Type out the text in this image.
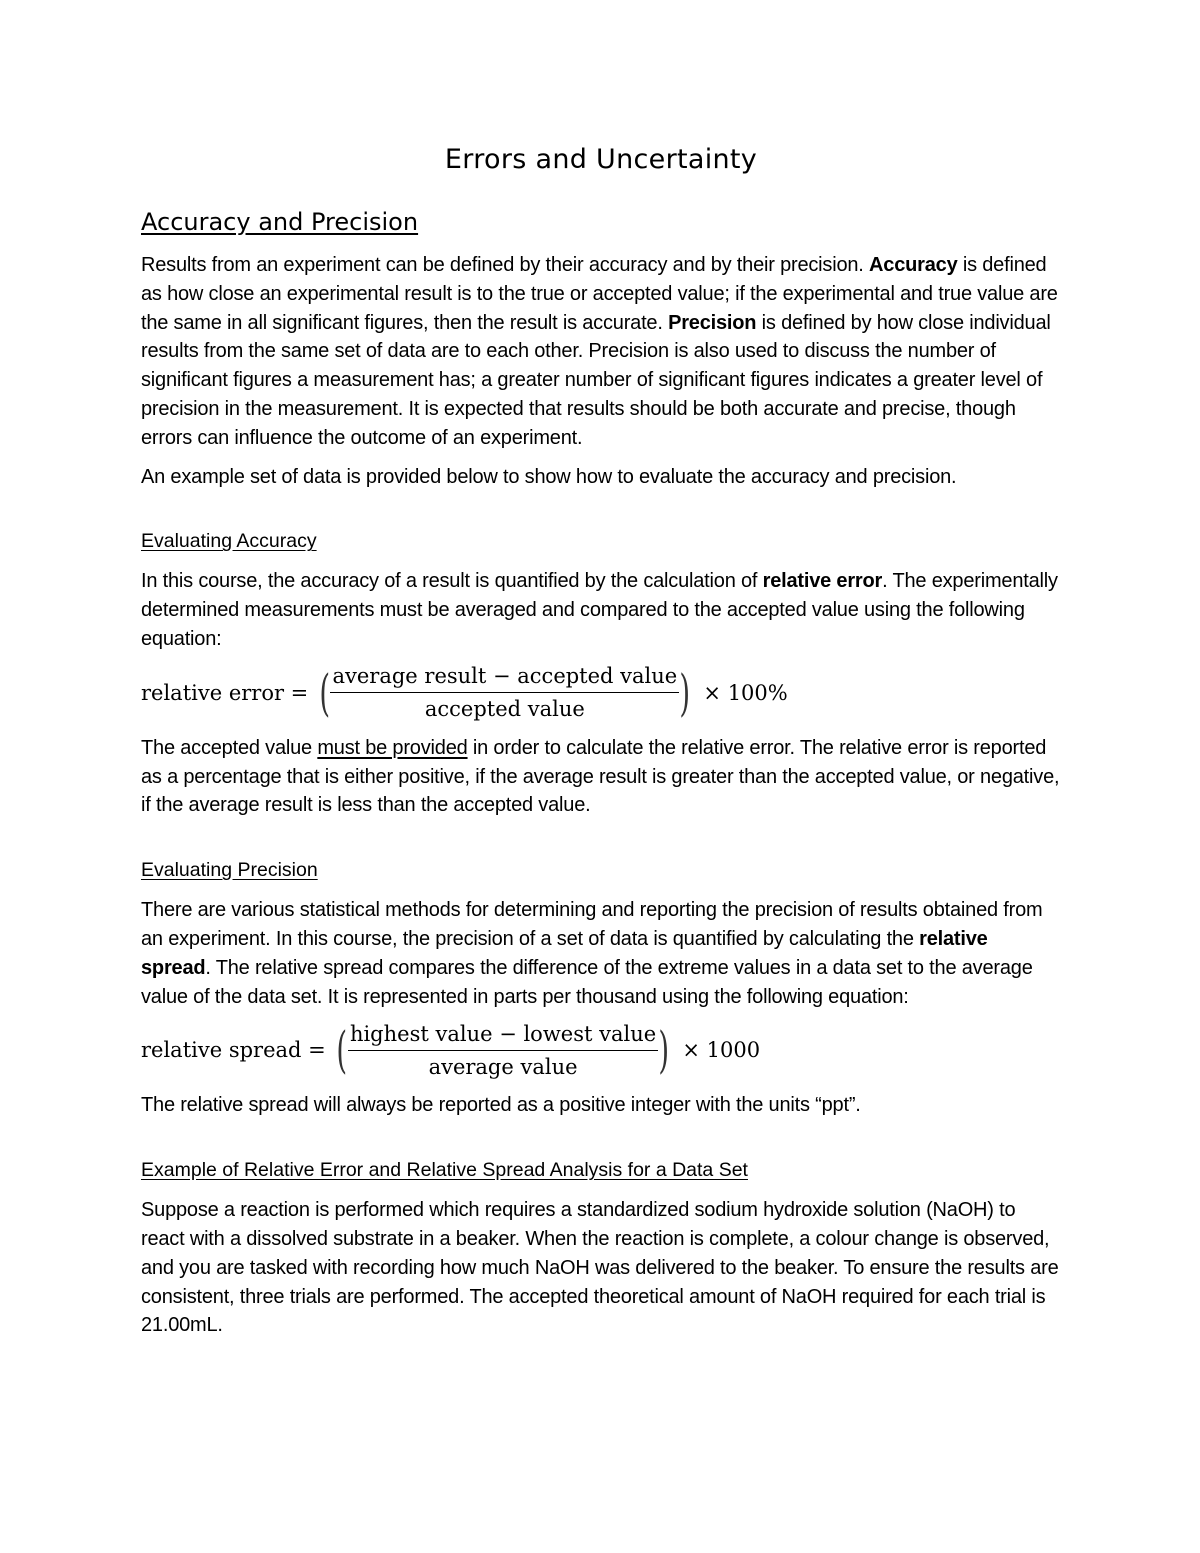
Errors and Uncertainty
Accuracy and Precision

Results from an experiment can be defined by their accuracy and by their precision. Accuracy is defined as how close an experimental result is to the true or accepted value; if the experimental and true value are the same in all significant figures, then the result is accurate. Precision is defined by how close individual results from the same set of data are to each other. Precision is also used to discuss the number of significant figures a measurement has; a greater number of significant figures indicates a greater level of precision in the measurement. It is expected that results should be both accurate and precise, though errors can influence the outcome of an experiment.

An example set of data is provided below to show how to evaluate the accuracy and precision.

Evaluating Accuracy

In this course, the accuracy of a result is quantified by the calculation of relative error. The experimentally determined measurements must be averaged and compared to the accepted value using the following equation:

relative error = ( $\frac{\text{average result − accepted value}}{\text{accepted value}}$ ) × 100%

The accepted value must be provided in order to calculate the relative error. The relative error is reported as a percentage that is either positive, if the average result is greater than the accepted value, or negative, if the average result is less than the accepted value.

Evaluating Precision

There are various statistical methods for determining and reporting the precision of results obtained from an experiment. In this course, the precision of a set of data is quantified by calculating the relative spread. The relative spread compares the difference of the extreme values in a data set to the average value of the data set. It is represented in parts per thousand using the following equation:

relative spread = ( $\frac{\text{highest value − lowest value}}{\text{average value}}$ ) × 1000

The relative spread will always be reported as a positive integer with the units “ppt”.

Example of Relative Error and Relative Spread Analysis for a Data Set

Suppose a reaction is performed which requires a standardized sodium hydroxide solution (NaOH) to react with a dissolved substrate in a beaker. When the reaction is complete, a colour change is observed, and you are tasked with recording how much NaOH was delivered to the beaker. To ensure the results are consistent, three trials are performed. The accepted theoretical amount of NaOH required for each trial is 21.00mL.
